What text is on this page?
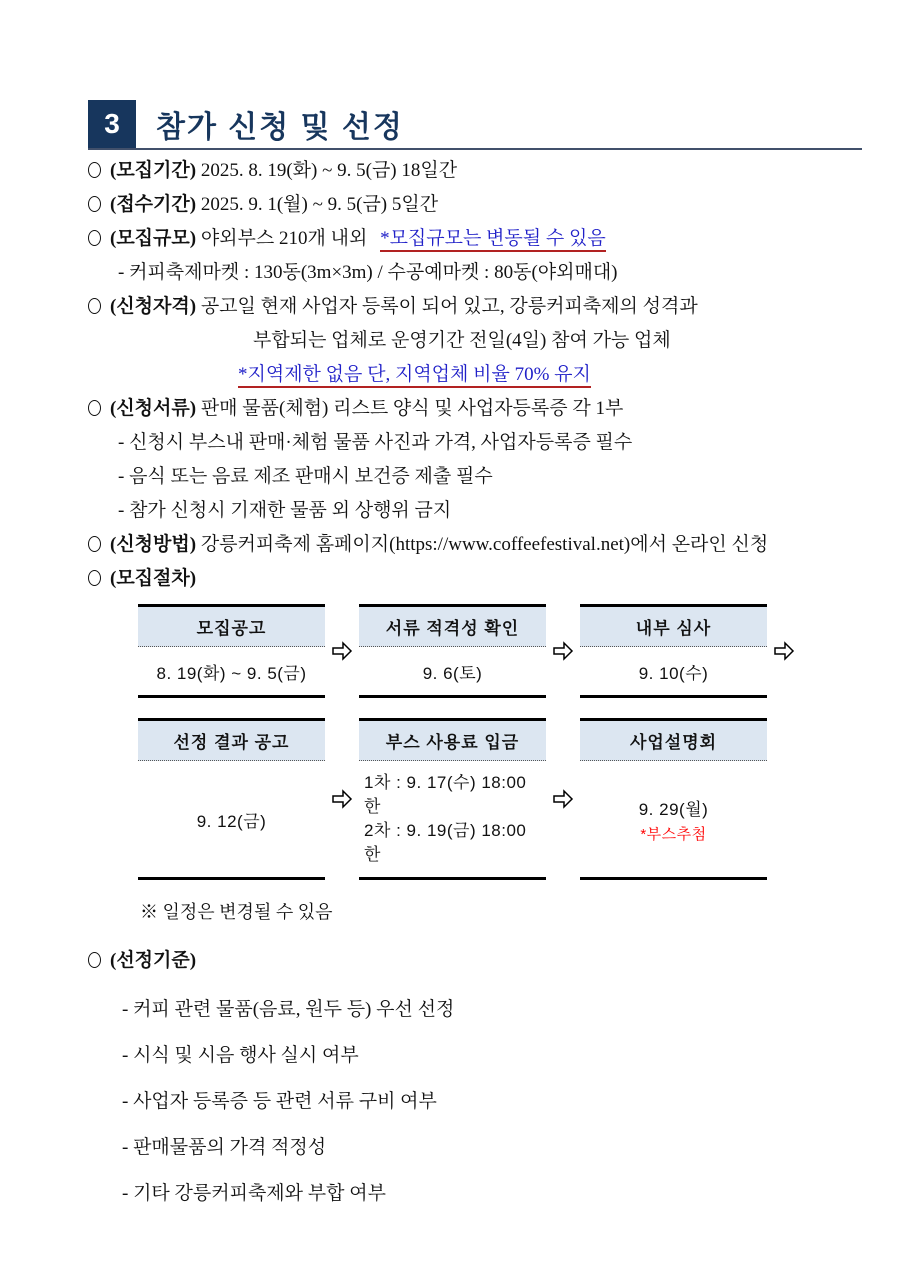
3 참가 신청 및 선정
(모집기간) 2025. 8. 19(화) ~ 9. 5(금) 18일간
(접수기간) 2025. 9. 1(월) ~ 9. 5(금) 5일간
(모집규모) 야외부스 210개 내외 *모집규모는 변동될 수 있음
- 커피축제마켓 : 130동(3m×3m) / 수공예마켓 : 80동(야외매대)
(신청자격) 공고일 현재 사업자 등록이 되어 있고, 강릉커피축제의 성격과
부합되는 업체로 운영기간 전일(4일) 참여 가능 업체
*지역제한 없음 단, 지역업체 비율 70% 유지
(신청서류) 판매 물품(체험) 리스트 양식 및 사업자등록증 각 1부
- 신청시 부스내 판매·체험 물품 사진과 가격, 사업자등록증 필수
- 음식 또는 음료 제조 판매시 보건증 제출 필수
- 참가 신청시 기재한 물품 외 상행위 금지
(신청방법) 강릉커피축제 홈페이지(https://www.coffeefestival.net)에서 온라인 신청
(모집절차)
모집공고
8. 19(화) ~ 9. 5(금)
서류 적격성 확인
9. 6(토)
내부 심사
9. 10(수)
선정 결과 공고
9. 12(금)
부스 사용료 입금
1차 : 9. 17(수) 18:00 한
2차 : 9. 19(금) 18:00 한
사업설명회
9. 29(월)
*부스추첨
※ 일정은 변경될 수 있음
(선정기준)
- 커피 관련 물품(음료, 원두 등) 우선 선정
- 시식 및 시음 행사 실시 여부
- 사업자 등록증 등 관련 서류 구비 여부
- 판매물품의 가격 적정성
- 기타 강릉커피축제와 부합 여부
